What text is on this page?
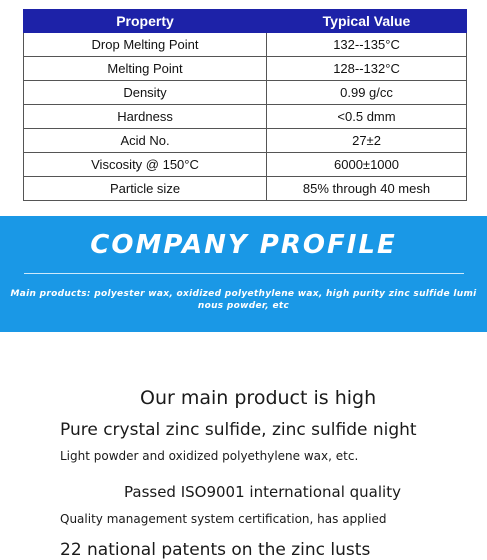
Property	Typical Value
Drop Melting Point	132--135°C
Melting Point	128--132°C
Density	0.99 g/cc
Hardness	<0.5 dmm
Acid No.	27±2
Viscosity @ 150°C	6000±1000
Particle size	85% through 40 mesh
COMPANY PROFILE
Main products: polyester wax, oxidized polyethylene wax, high purity zinc sulfide lumi
nous powder, etc
Our main product is high
Pure crystal zinc sulfide, zinc sulfide night
Light powder and oxidized polyethylene wax, etc.
Passed ISO9001 international quality
Quality management system certification, has applied
22 national patents on the zinc lusts
